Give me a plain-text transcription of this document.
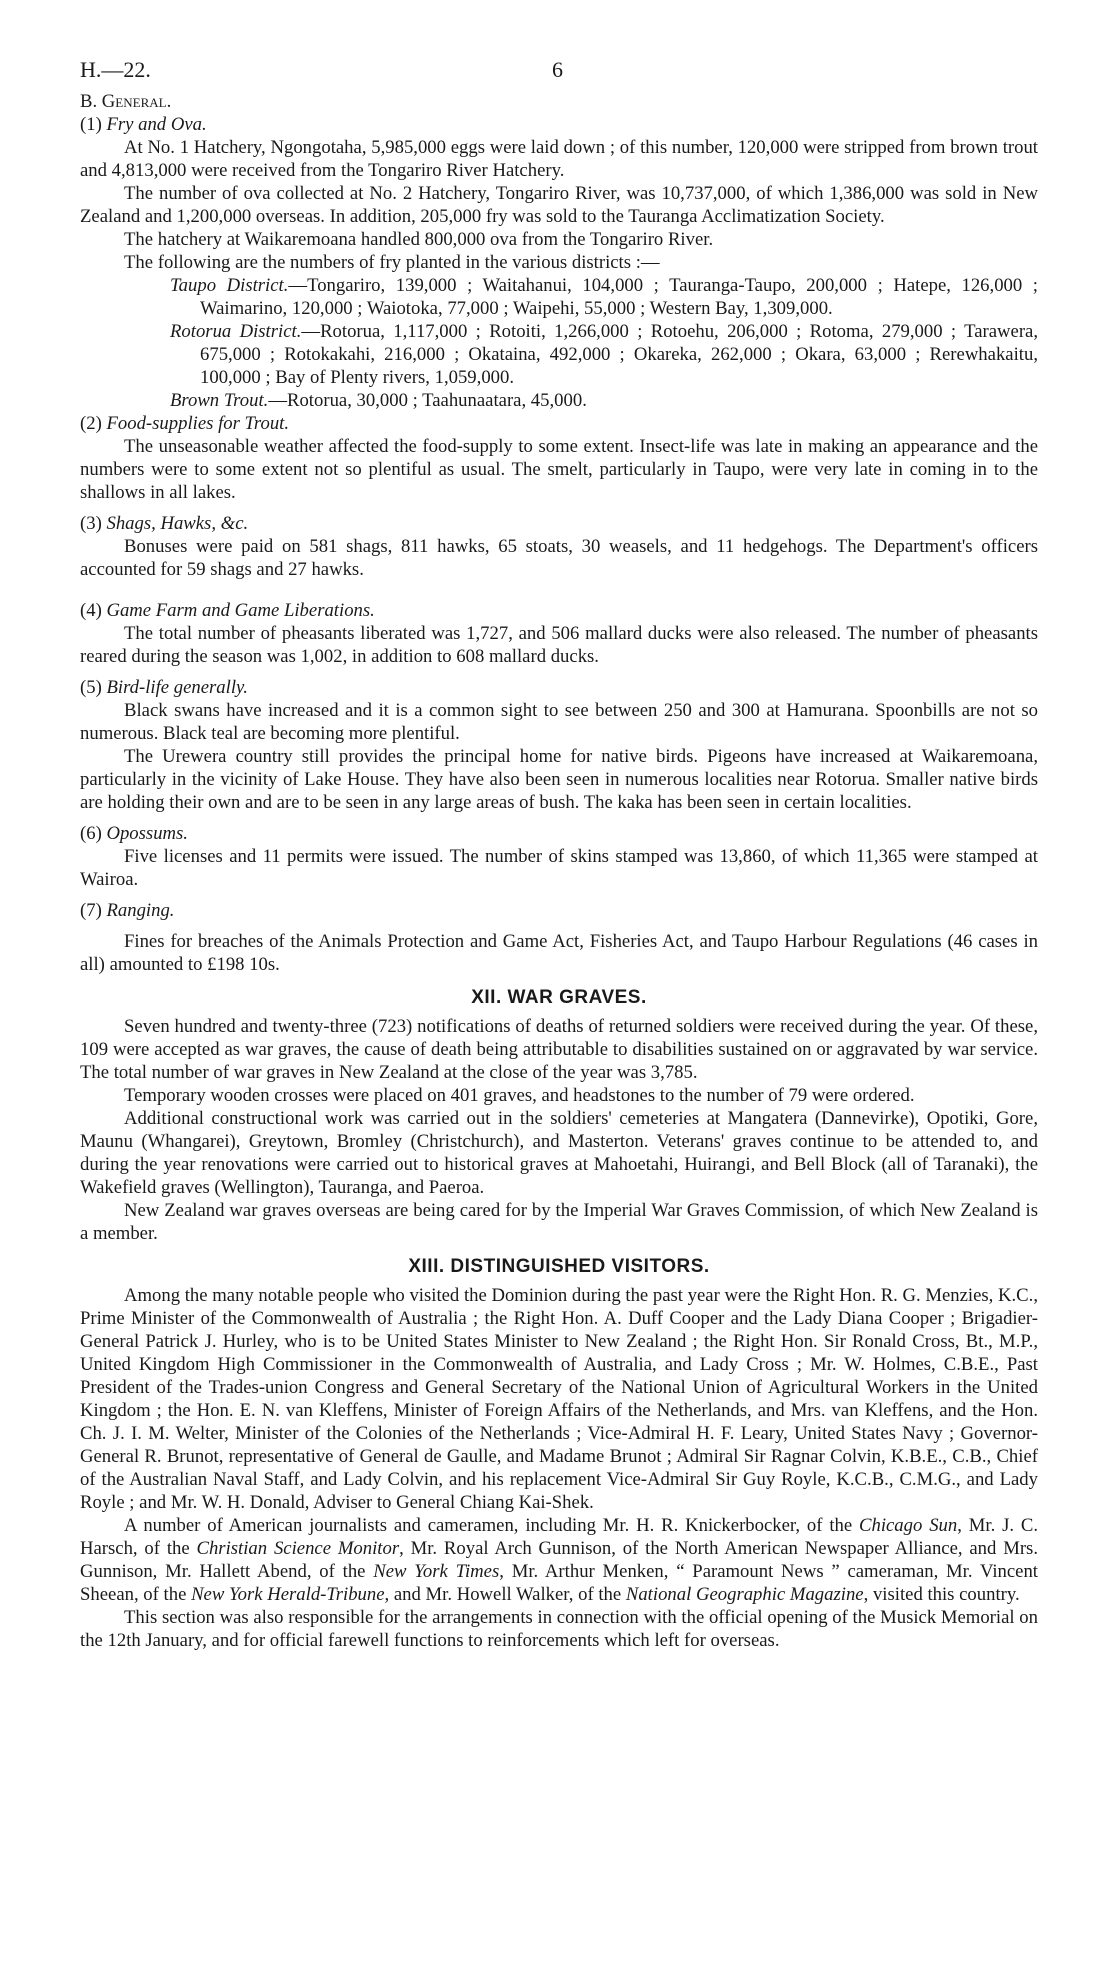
H.—22.	6

B. General.

(1) Fry and Ova.

At No. 1 Hatchery, Ngongotaha, 5,985,000 eggs were laid down ; of this number, 120,000 were stripped from brown trout and 4,813,000 were received from the Tongariro River Hatchery.

The number of ova collected at No. 2 Hatchery, Tongariro River, was 10,737,000, of which 1,386,000 was sold in New Zealand and 1,200,000 overseas. In addition, 205,000 fry was sold to the Tauranga Acclimatization Society.

The hatchery at Waikaremoana handled 800,000 ova from the Tongariro River.

The following are the numbers of fry planted in the various districts :—

Taupo District.—Tongariro, 139,000 ; Waitahanui, 104,000 ; Tauranga-Taupo, 200,000 ; Hatepe, 126,000 ; Waimarino, 120,000 ; Waiotoka, 77,000 ; Waipehi, 55,000 ; Western Bay, 1,309,000.

Rotorua District.—Rotorua, 1,117,000 ; Rotoiti, 1,266,000 ; Rotoehu, 206,000 ; Rotoma, 279,000 ; Tarawera, 675,000 ; Rotokakahi, 216,000 ; Okataina, 492,000 ; Okareka, 262,000 ; Okara, 63,000 ; Rerewhakaitu, 100,000 ; Bay of Plenty rivers, 1,059,000.

Brown Trout.—Rotorua, 30,000 ; Taahunaatara, 45,000.

(2) Food-supplies for Trout.

The unseasonable weather affected the food-supply to some extent. Insect-life was late in making an appearance and the numbers were to some extent not so plentiful as usual. The smelt, particularly in Taupo, were very late in coming in to the shallows in all lakes.

(3) Shags, Hawks, &c.

Bonuses were paid on 581 shags, 811 hawks, 65 stoats, 30 weasels, and 11 hedgehogs. The Department's officers accounted for 59 shags and 27 hawks.

(4) Game Farm and Game Liberations.

The total number of pheasants liberated was 1,727, and 506 mallard ducks were also released. The number of pheasants reared during the season was 1,002, in addition to 608 mallard ducks.

(5) Bird-life generally.

Black swans have increased and it is a common sight to see between 250 and 300 at Hamurana. Spoonbills are not so numerous. Black teal are becoming more plentiful.

The Urewera country still provides the principal home for native birds. Pigeons have increased at Waikaremoana, particularly in the vicinity of Lake House. They have also been seen in numerous localities near Rotorua. Smaller native birds are holding their own and are to be seen in any large areas of bush. The kaka has been seen in certain localities.

(6) Opossums.

Five licenses and 11 permits were issued. The number of skins stamped was 13,860, of which 11,365 were stamped at Wairoa.

(7) Ranging.

Fines for breaches of the Animals Protection and Game Act, Fisheries Act, and Taupo Harbour Regulations (46 cases in all) amounted to £198 10s.

XII. WAR GRAVES.

Seven hundred and twenty-three (723) notifications of deaths of returned soldiers were received during the year. Of these, 109 were accepted as war graves, the cause of death being attributable to disabilities sustained on or aggravated by war service. The total number of war graves in New Zealand at the close of the year was 3,785.

Temporary wooden crosses were placed on 401 graves, and headstones to the number of 79 were ordered.

Additional constructional work was carried out in the soldiers' cemeteries at Mangatera (Dannevirke), Opotiki, Gore, Maunu (Whangarei), Greytown, Bromley (Christchurch), and Masterton. Veterans' graves continue to be attended to, and during the year renovations were carried out to historical graves at Mahoetahi, Huirangi, and Bell Block (all of Taranaki), the Wakefield graves (Wellington), Tauranga, and Paeroa.

New Zealand war graves overseas are being cared for by the Imperial War Graves Commission, of which New Zealand is a member.

XIII. DISTINGUISHED VISITORS.

Among the many notable people who visited the Dominion during the past year were the Right Hon. R. G. Menzies, K.C., Prime Minister of the Commonwealth of Australia ; the Right Hon. A. Duff Cooper and the Lady Diana Cooper ; Brigadier-General Patrick J. Hurley, who is to be United States Minister to New Zealand ; the Right Hon. Sir Ronald Cross, Bt., M.P., United Kingdom High Commissioner in the Commonwealth of Australia, and Lady Cross ; Mr. W. Holmes, C.B.E., Past President of the Trades-union Congress and General Secretary of the National Union of Agricultural Workers in the United Kingdom ; the Hon. E. N. van Kleffens, Minister of Foreign Affairs of the Netherlands, and Mrs. van Kleffens, and the Hon. Ch. J. I. M. Welter, Minister of the Colonies of the Netherlands ; Vice-Admiral H. F. Leary, United States Navy ; Governor-General R. Brunot, representative of General de Gaulle, and Madame Brunot ; Admiral Sir Ragnar Colvin, K.B.E., C.B., Chief of the Australian Naval Staff, and Lady Colvin, and his replacement Vice-Admiral Sir Guy Royle, K.C.B., C.M.G., and Lady Royle ; and Mr. W. H. Donald, Adviser to General Chiang Kai-Shek.

A number of American journalists and cameramen, including Mr. H. R. Knickerbocker, of the Chicago Sun, Mr. J. C. Harsch, of the Christian Science Monitor, Mr. Royal Arch Gunnison, of the North American Newspaper Alliance, and Mrs. Gunnison, Mr. Hallett Abend, of the New York Times, Mr. Arthur Menken, “ Paramount News ” cameraman, Mr. Vincent Sheean, of the New York Herald-Tribune, and Mr. Howell Walker, of the National Geographic Magazine, visited this country.

This section was also responsible for the arrangements in connection with the official opening of the Musick Memorial on the 12th January, and for official farewell functions to reinforcements which left for overseas.
